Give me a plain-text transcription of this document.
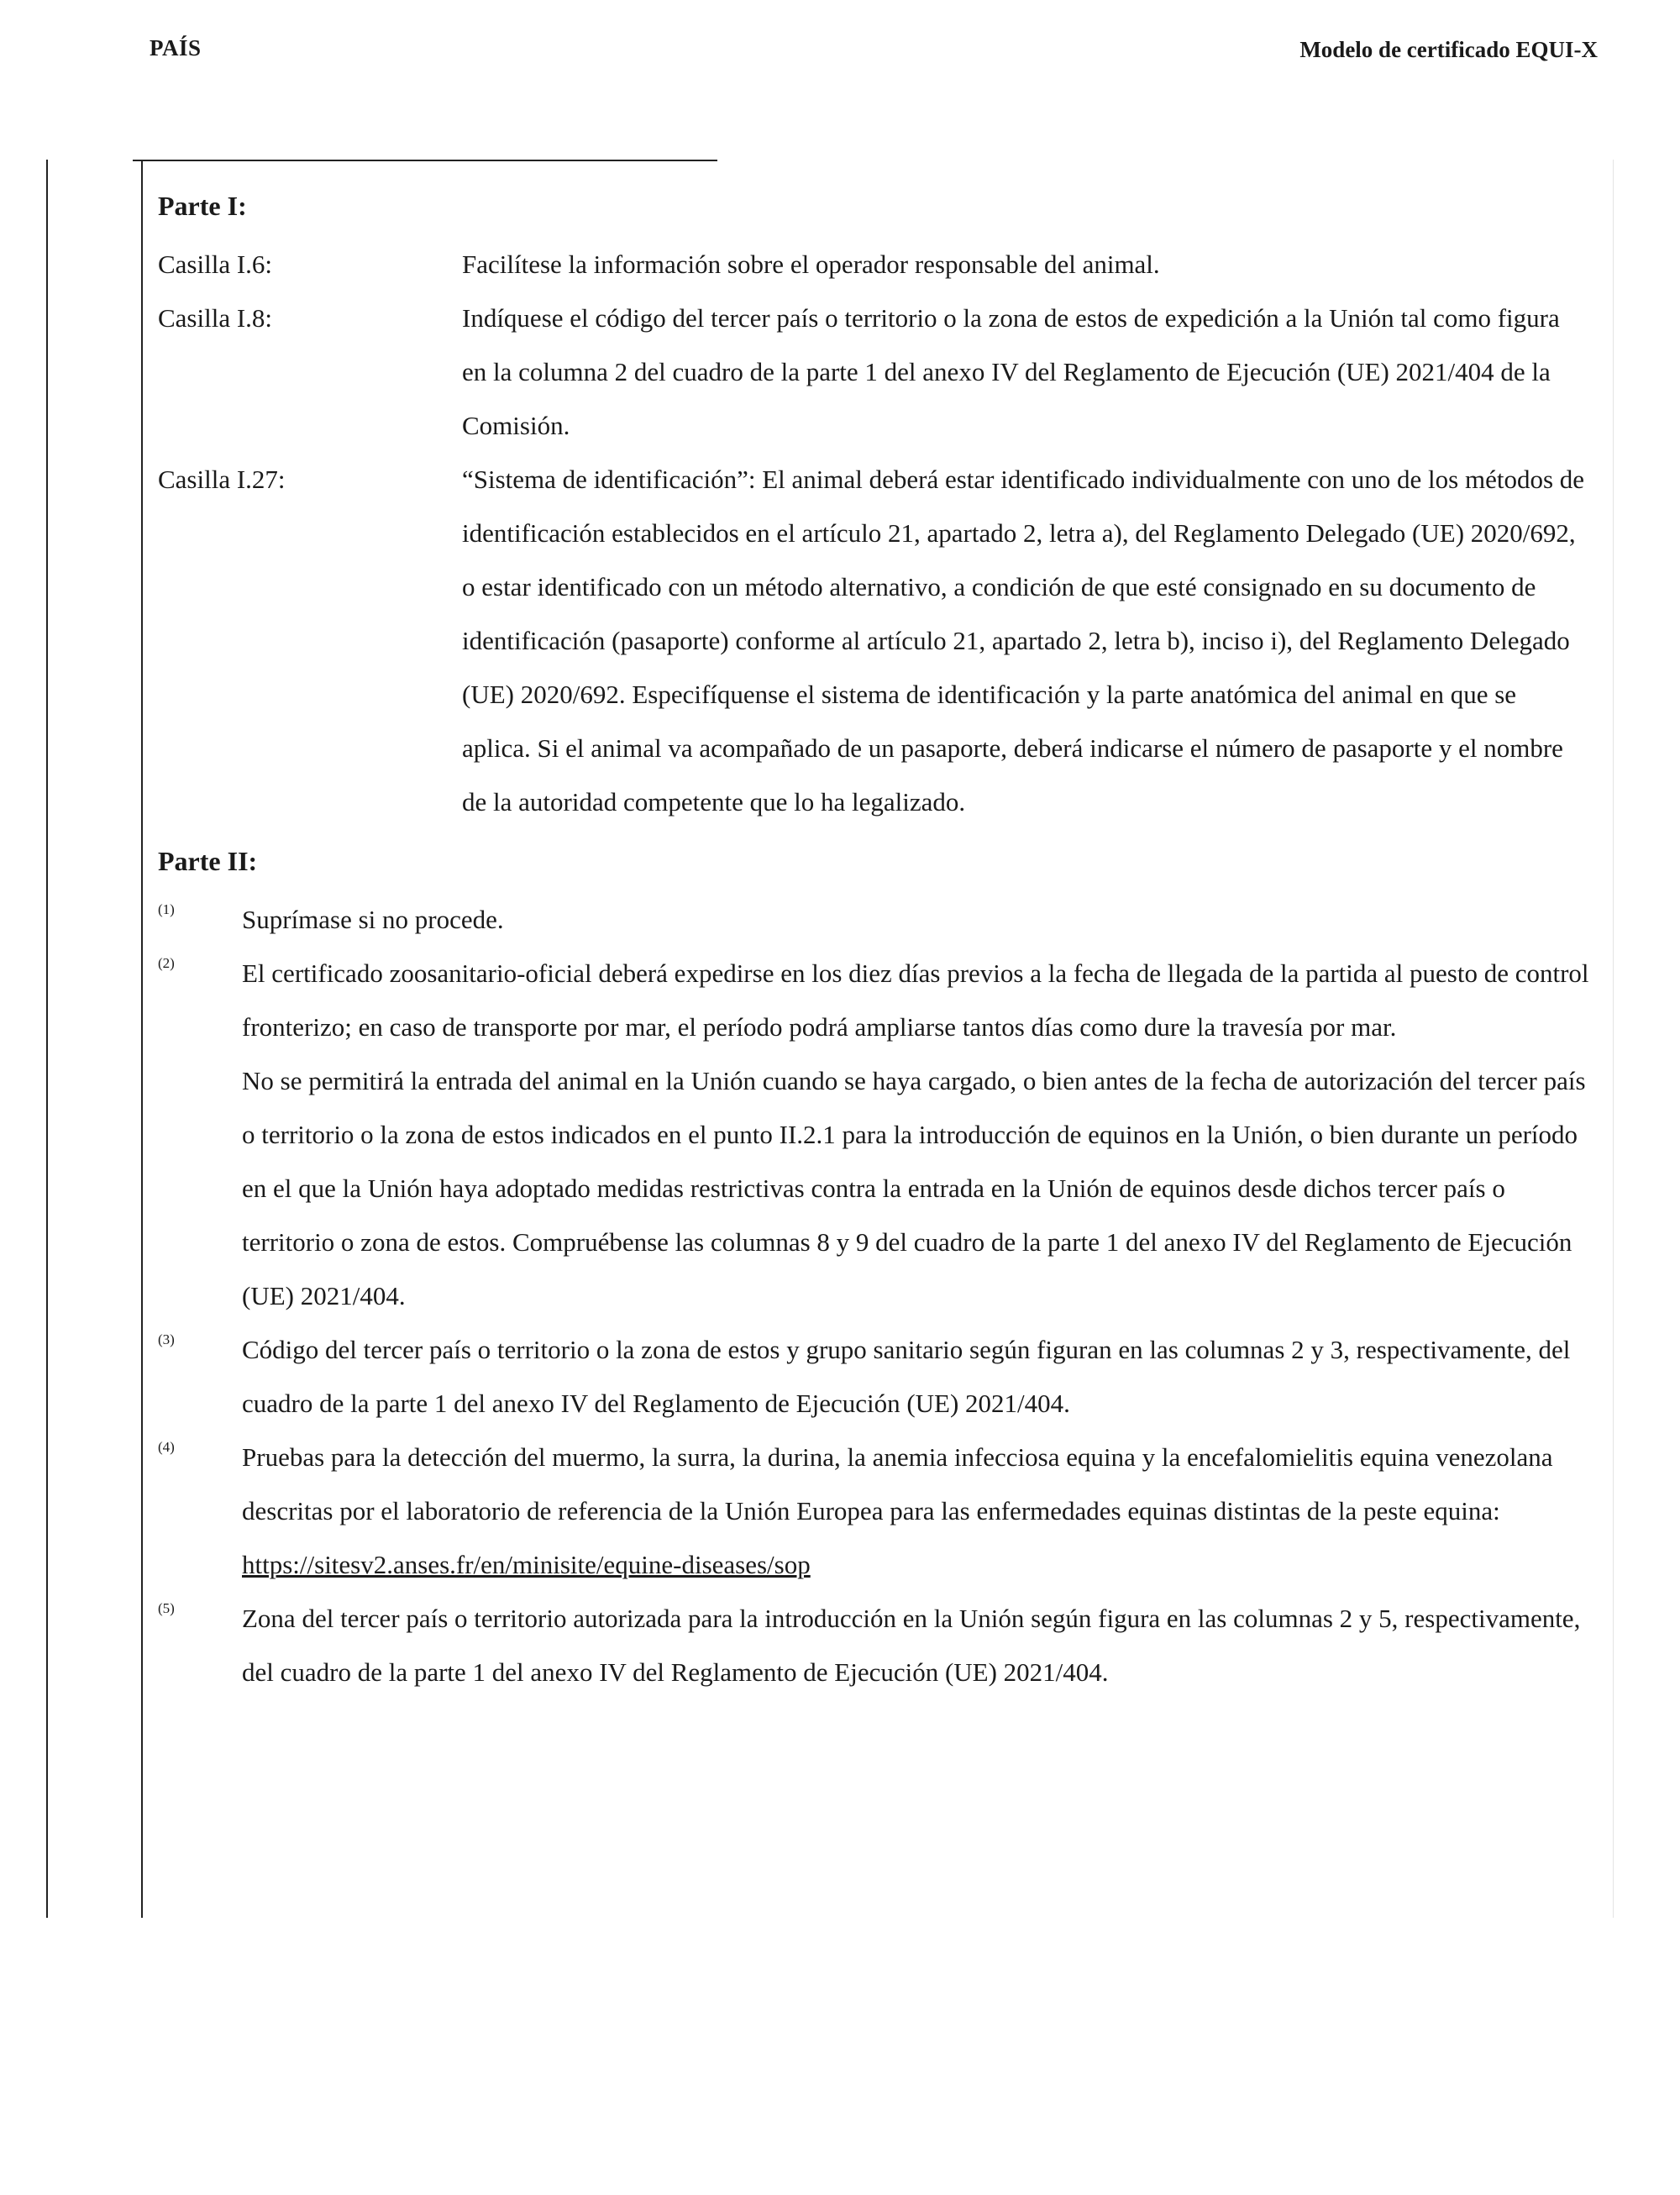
PAÍS	Modelo de certificado EQUI-X
Parte I:
Casilla I.6:	Facilítese la información sobre el operador responsable del animal.

Casilla I.8:	Indíquese el código del tercer país o territorio o la zona de estos de expedición a la Unión tal como figura en la columna 2 del cuadro de la parte 1 del anexo IV del Reglamento de Ejecución (UE) 2021/404 de la Comisión.

Casilla I.27:	“Sistema de identificación”: El animal deberá estar identificado individualmente con uno de los métodos de identificación establecidos en el artículo 21, apartado 2, letra a), del Reglamento Delegado (UE) 2020/692, o estar identificado con un método alternativo, a condición de que esté consignado en su documento de identificación (pasaporte) conforme al artículo 21, apartado 2, letra b), inciso i), del Reglamento Delegado (UE) 2020/692. Especifíquense el sistema de identificación y la parte anatómica del animal en que se aplica. Si el animal va acompañado de un pasaporte, deberá indicarse el número de pasaporte y el nombre de la autoridad competente que lo ha legalizado.

Parte II:
(1)	Suprímase si no procede.

(2)	El certificado zoosanitario-oficial deberá expedirse en los diez días previos a la fecha de llegada de la partida al puesto de control fronterizo; en caso de transporte por mar, el período podrá ampliarse tantos días como dure la travesía por mar.

No se permitirá la entrada del animal en la Unión cuando se haya cargado, o bien antes de la fecha de autorización del tercer país o territorio o la zona de estos indicados en el punto II.2.1 para la introducción de equinos en la Unión, o bien durante un período en el que la Unión haya adoptado medidas restrictivas contra la entrada en la Unión de equinos desde dichos tercer país o territorio o zona de estos. Compruébense las columnas 8 y 9 del cuadro de la parte 1 del anexo IV del Reglamento de Ejecución (UE) 2021/404.

(3)	Código del tercer país o territorio o la zona de estos y grupo sanitario según figuran en las columnas 2 y 3, respectivamente, del cuadro de la parte 1 del anexo IV del Reglamento de Ejecución (UE) 2021/404.

(4)	Pruebas para la detección del muermo, la surra, la durina, la anemia infecciosa equina y la encefalomielitis equina venezolana descritas por el laboratorio de referencia de la Unión Europea para las enfermedades equinas distintas de la peste equina: https://sitesv2.anses.fr/en/minisite/equine-diseases/sop

(5)	Zona del tercer país o territorio autorizada para la introducción en la Unión según figura en las columnas 2 y 5, respectivamente, del cuadro de la parte 1 del anexo IV del Reglamento de Ejecución (UE) 2021/404.
